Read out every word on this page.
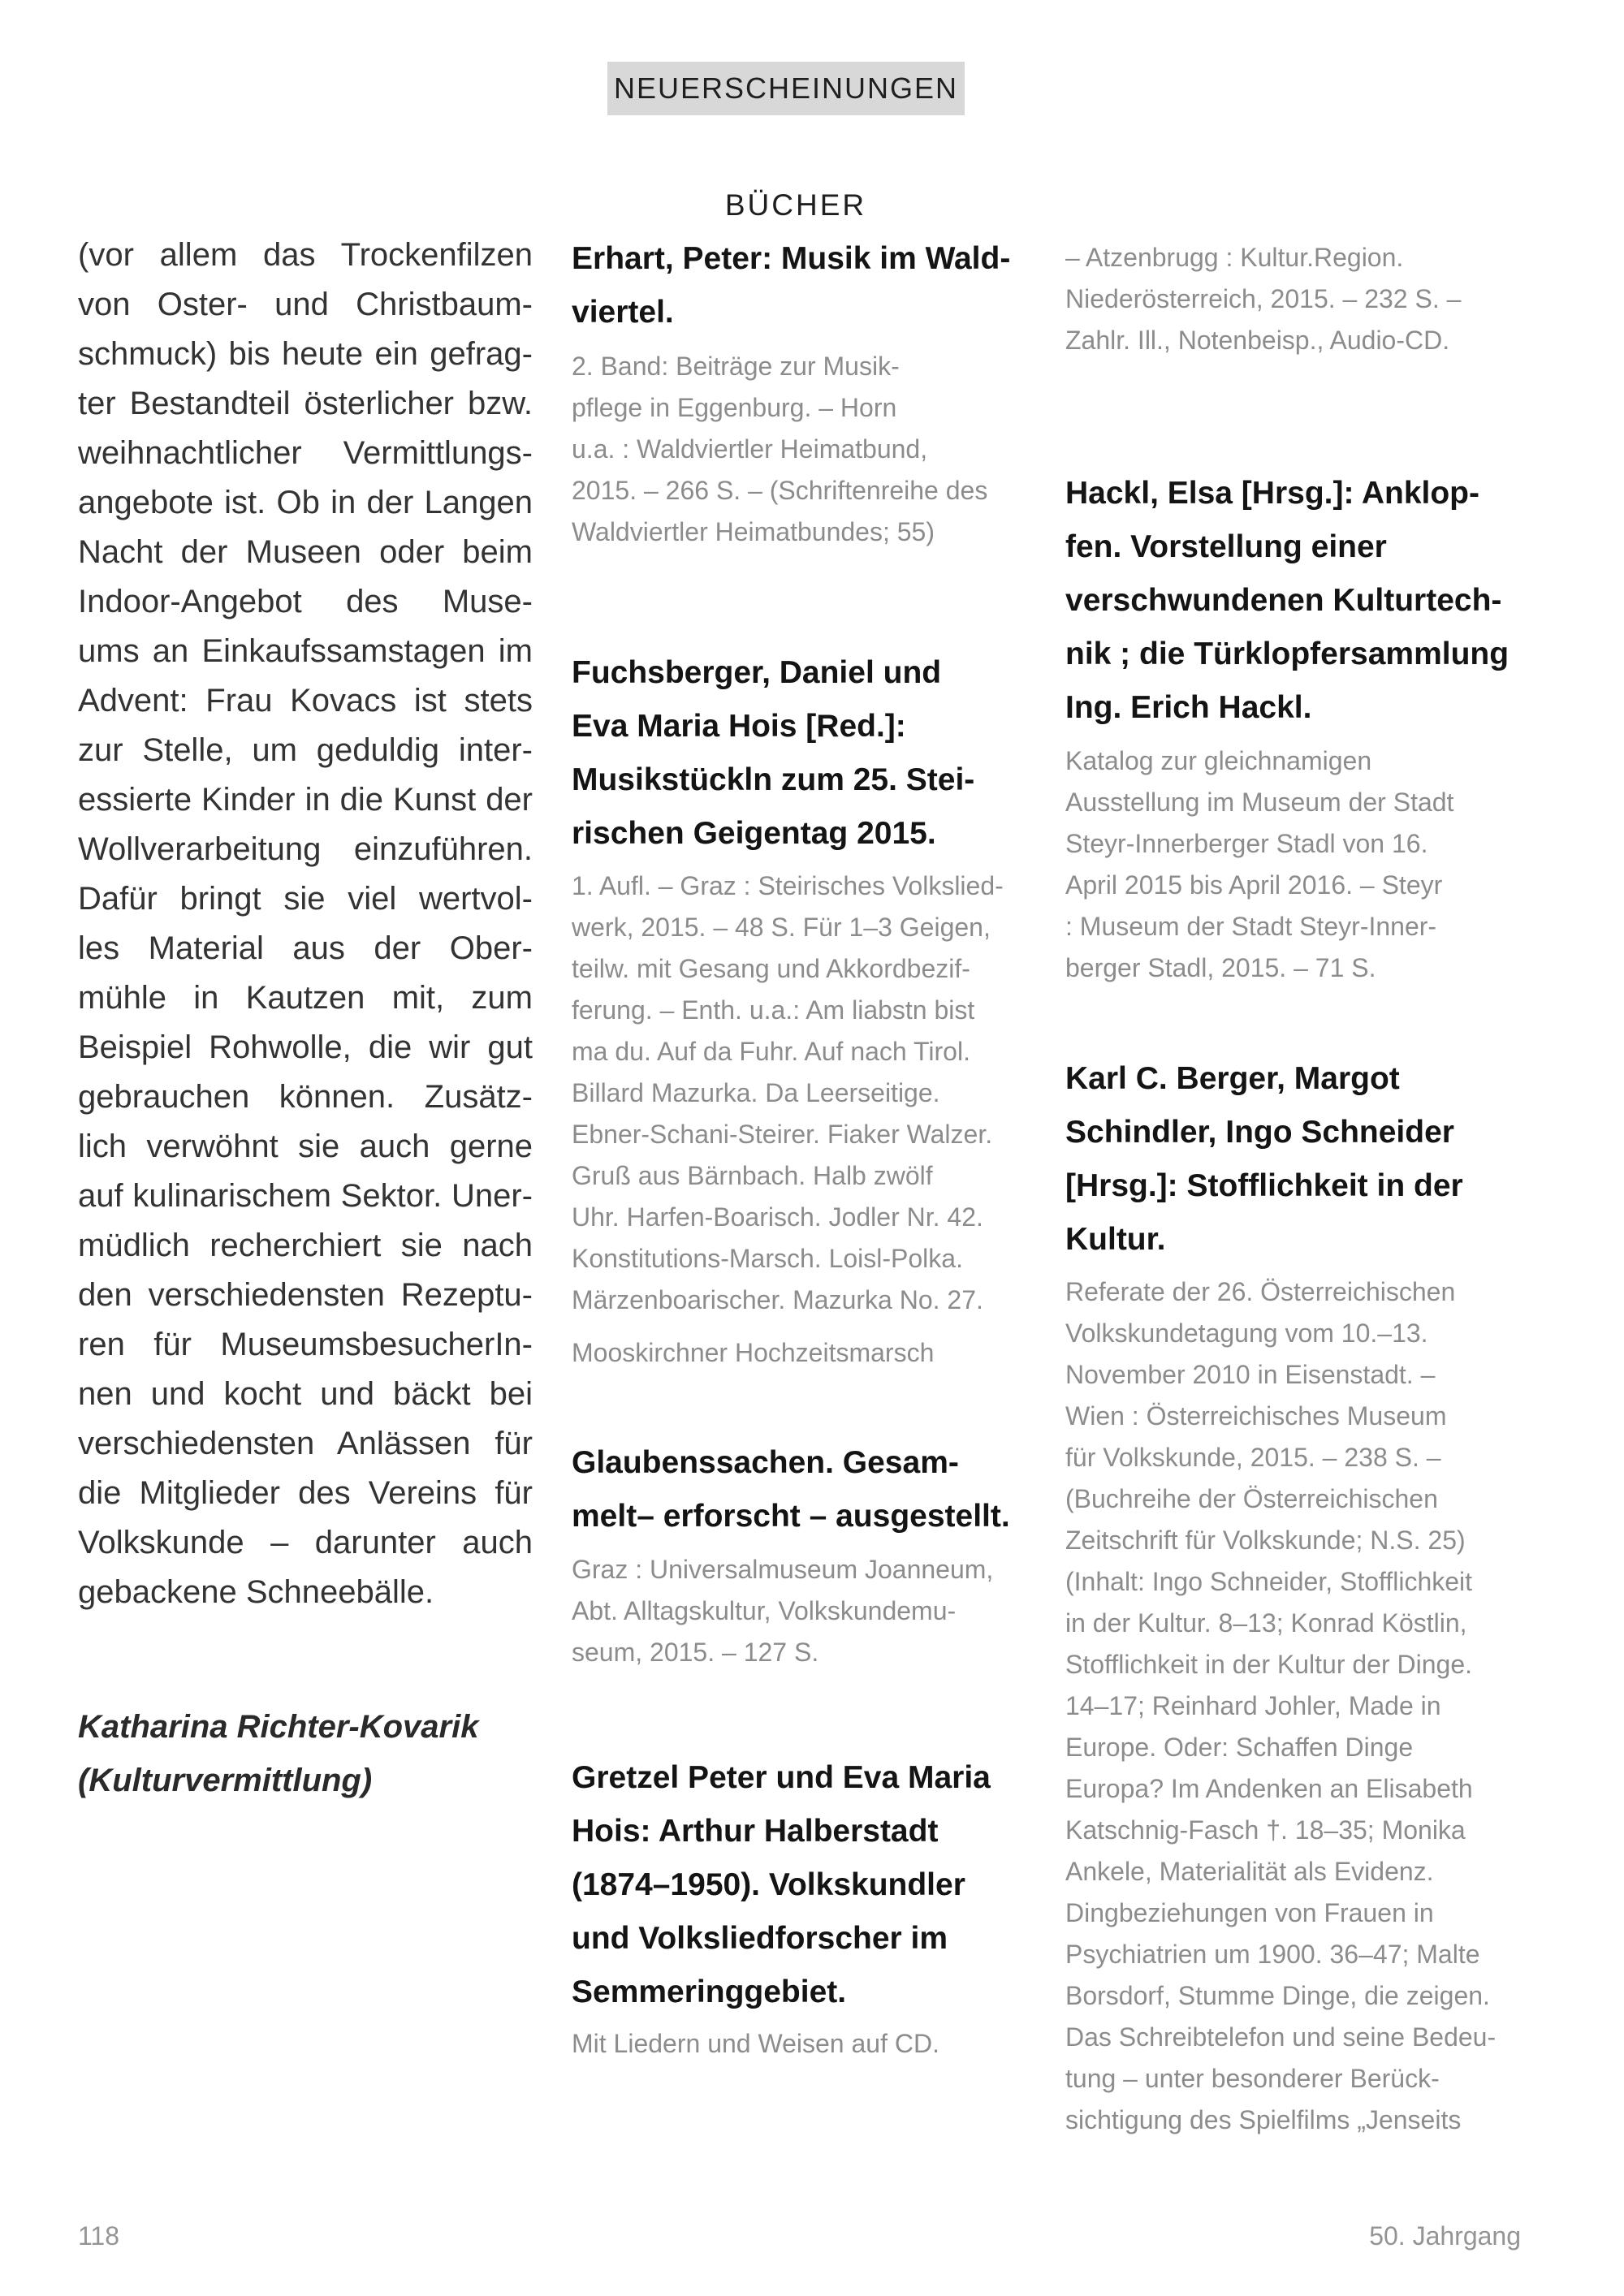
NEUERSCHEINUNGEN
BÜCHER
(vor allem das Trockenfilzen
von Oster- und Christbaum-
schmuck) bis heute ein gefrag-
ter Bestandteil österlicher bzw.
weihnachtlicher Vermittlungs-
angebote ist. Ob in der Langen
Nacht der Museen oder beim
Indoor-Angebot des Muse-
ums an Einkaufssamstagen im
Advent: Frau Kovacs ist stets
zur Stelle, um geduldig inter-
essierte Kinder in die Kunst der
Wollverarbeitung einzuführen.
Dafür bringt sie viel wertvol-
les Material aus der Ober-
mühle in Kautzen mit, zum
Beispiel Rohwolle, die wir gut
gebrauchen können. Zusätz-
lich verwöhnt sie auch gerne
auf kulinarischem Sektor. Uner-
müdlich recherchiert sie nach
den verschiedensten Rezeptu-
ren für MuseumsbesucherIn-
nen und kocht und bäckt bei
verschiedensten Anlässen für
die Mitglieder des Vereins für
Volkskunde – darunter auch
gebackene Schneebälle.
Katharina Richter-Kovarik
(Kulturvermittlung)
Erhart, Peter: Musik im Wald-
viertel.
2. Band: Beiträge zur Musik-
pflege in Eggenburg. – Horn
u.a. : Waldviertler Heimatbund,
2015. – 266 S. – (Schriftenreihe des
Waldviertler Heimatbundes; 55)
Fuchsberger, Daniel und
Eva Maria Hois [Red.]:
Musikstückln zum 25. Stei-
rischen Geigentag 2015.
1. Aufl. – Graz : Steirisches Volkslied-
werk, 2015. – 48 S. Für 1–3 Geigen,
teilw. mit Gesang und Akkordbezif-
ferung. – Enth. u.a.: Am liabstn bist
ma du. Auf da Fuhr. Auf nach Tirol.
Billard Mazurka. Da Leerseitige.
Ebner-Schani-Steirer. Fiaker Walzer.
Gruß aus Bärnbach. Halb zwölf
Uhr. Harfen-Boarisch. Jodler Nr. 42.
Konstitutions-Marsch. Loisl-Polka.
Märzenboarischer. Mazurka No. 27.
Mooskirchner Hochzeitsmarsch
Glaubenssachen. Gesam-
melt– erforscht – ausgestellt.
Graz : Universalmuseum Joanneum,
Abt. Alltagskultur, Volkskundemu-
seum, 2015. – 127 S.
Gretzel Peter und Eva Maria
Hois: Arthur Halberstadt
(1874–1950). Volkskundler
und Volksliedforscher im
Semmeringgebiet.
Mit Liedern und Weisen auf CD.
– Atzenbrugg : Kultur.Region.
Niederösterreich, 2015. – 232 S. –
Zahlr. Ill., Notenbeisp., Audio-CD.
Hackl, Elsa [Hrsg.]: Anklop-
fen. Vorstellung einer
verschwundenen Kulturtech-
nik ; die Türklopfersammlung
Ing. Erich Hackl.
Katalog zur gleichnamigen
Ausstellung im Museum der Stadt
Steyr-Innerberger Stadl von 16.
April 2015 bis April 2016. – Steyr
: Museum der Stadt Steyr-Inner-
berger Stadl, 2015. – 71 S.
Karl C. Berger, Margot
Schindler, Ingo Schneider
[Hrsg.]: Stofflichkeit in der
Kultur.
Referate der 26. Österreichischen
Volkskundetagung vom 10.–13.
November 2010 in Eisenstadt. –
Wien : Österreichisches Museum
für Volkskunde, 2015. – 238 S. –
(Buchreihe der Österreichischen
Zeitschrift für Volkskunde; N.S. 25)
(Inhalt: Ingo Schneider, Stofflichkeit
in der Kultur. 8–13; Konrad Köstlin,
Stofflichkeit in der Kultur der Dinge.
14–17; Reinhard Johler, Made in
Europe. Oder: Schaffen Dinge
Europa? Im Andenken an Elisabeth
Katschnig-Fasch †. 18–35; Monika
Ankele, Materialität als Evidenz.
Dingbeziehungen von Frauen in
Psychiatrien um 1900. 36–47; Malte
Borsdorf, Stumme Dinge, die zeigen.
Das Schreibtelefon und seine Bedeu-
tung – unter besonderer Berück-
sichtigung des Spielfilms „Jenseits
118	50. Jahrgang
